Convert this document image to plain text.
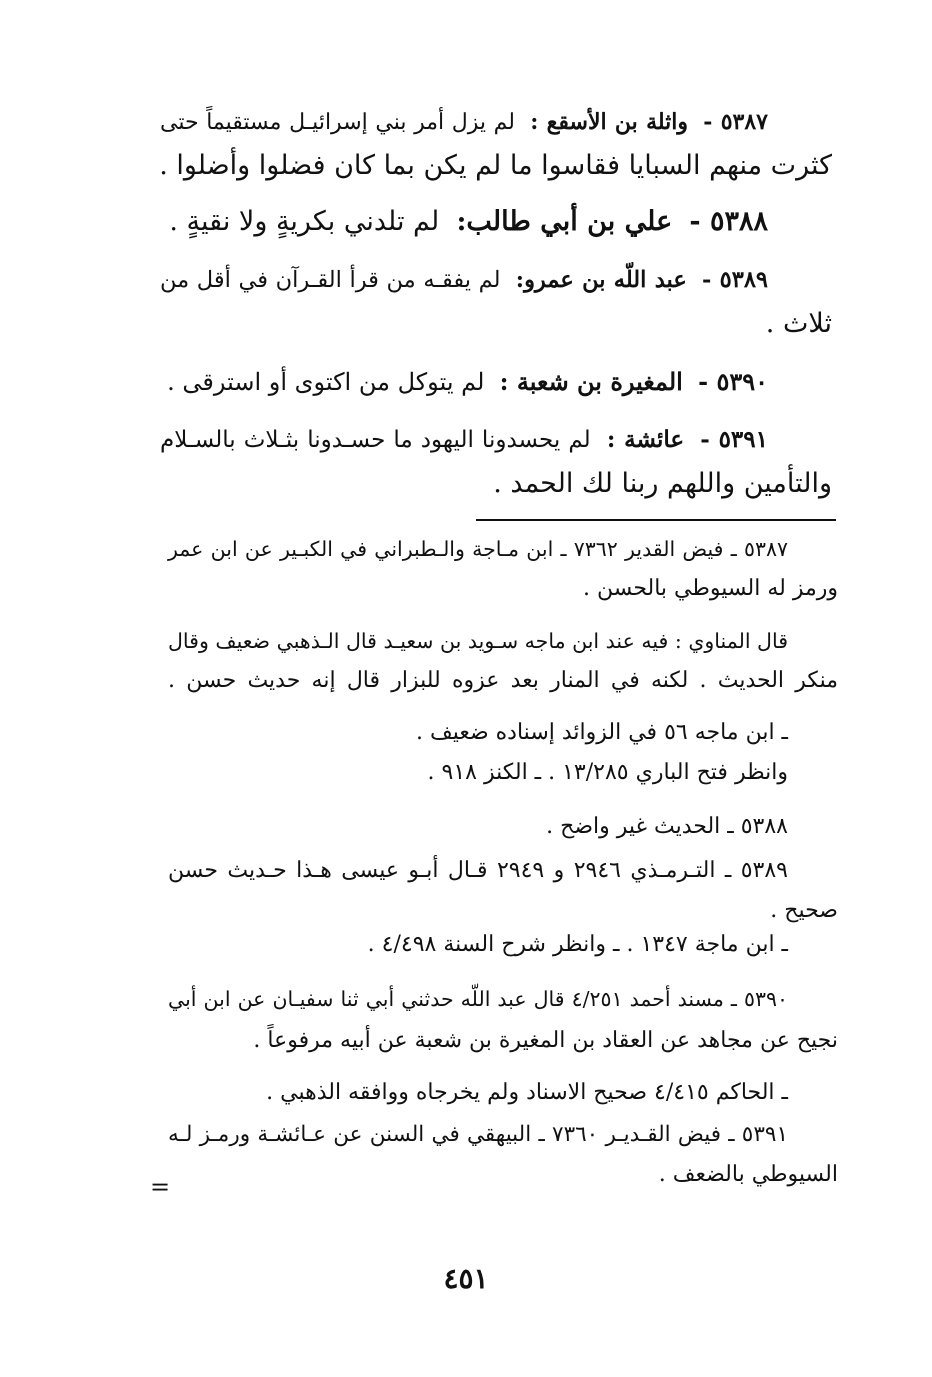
٥٣٨٧ -  واثلة بن الأسقع :  لم يزل أمر بني إسرائيـل مستقيماً حتى
كثرت منهم السبايا فقاسوا ما لم يكن بما كان فضلوا وأضلوا .
٥٣٨٨ -  علي بن أبي طالب:  لم تلدني بكريةٍ ولا نقيةٍ .
٥٣٨٩ -  عبد اللّه بن عمرو:  لم يفقـه من قرأ القـرآن في أقل من
ثلاث .
٥٣٩٠ -  المغيرة بن شعبة :  لم يتوكل من اكتوى أو استرقى .
٥٣٩١ -  عائشة :  لم يحسدونا اليهود ما حسـدونا بثـلاث بالسـلام
والتأمين واللهم ربنا لك الحمد .
٥٣٨٧ ـ فيض القدير ٧٣٦٢ ـ ابن مـاجة والـطبراني في الكبـير عن ابن عمر
ورمز له السيوطي بالحسن .
قال المناوي : فيه عند ابن ماجه سـويد بن سعيـد قال الـذهبي ضعيف وقال
منكر الحديث . لكنه في المنار بعد عزوه للبزار قال إنه حديث حسن .
ـ ابن ماجه ٥٦ في الزوائد إسناده ضعيف .
وانظر فتح الباري ١٣/٢٨٥ . ـ الكنز ٩١٨ .
٥٣٨٨ ـ الحديث غير واضح .
٥٣٨٩ ـ التـرمـذي ٢٩٤٦ و ٢٩٤٩ قـال أبـو عيسى هـذا حـديث حسن
صحيح .
ـ ابن ماجة ١٣٤٧ . ـ وانظر شرح السنة ٤/٤٩٨ .
٥٣٩٠ ـ مسند أحمد ٤/٢٥١ قال عبد اللّه حدثني أبي ثنا سفيـان عن ابن أبي
نجيح عن مجاهد عن العقاد بن المغيرة بن شعبة عن أبيه مرفوعاً .
ـ الحاكم ٤/٤١٥ صحيح الاسناد ولم يخرجاه ووافقه الذهبي .
٥٣٩١ ـ فيض القـديـر ٧٣٦٠ ـ البيهقي في السنن عن عـائشـة ورمـز لـه
السيوطي بالضعف .
=
٤٥١
